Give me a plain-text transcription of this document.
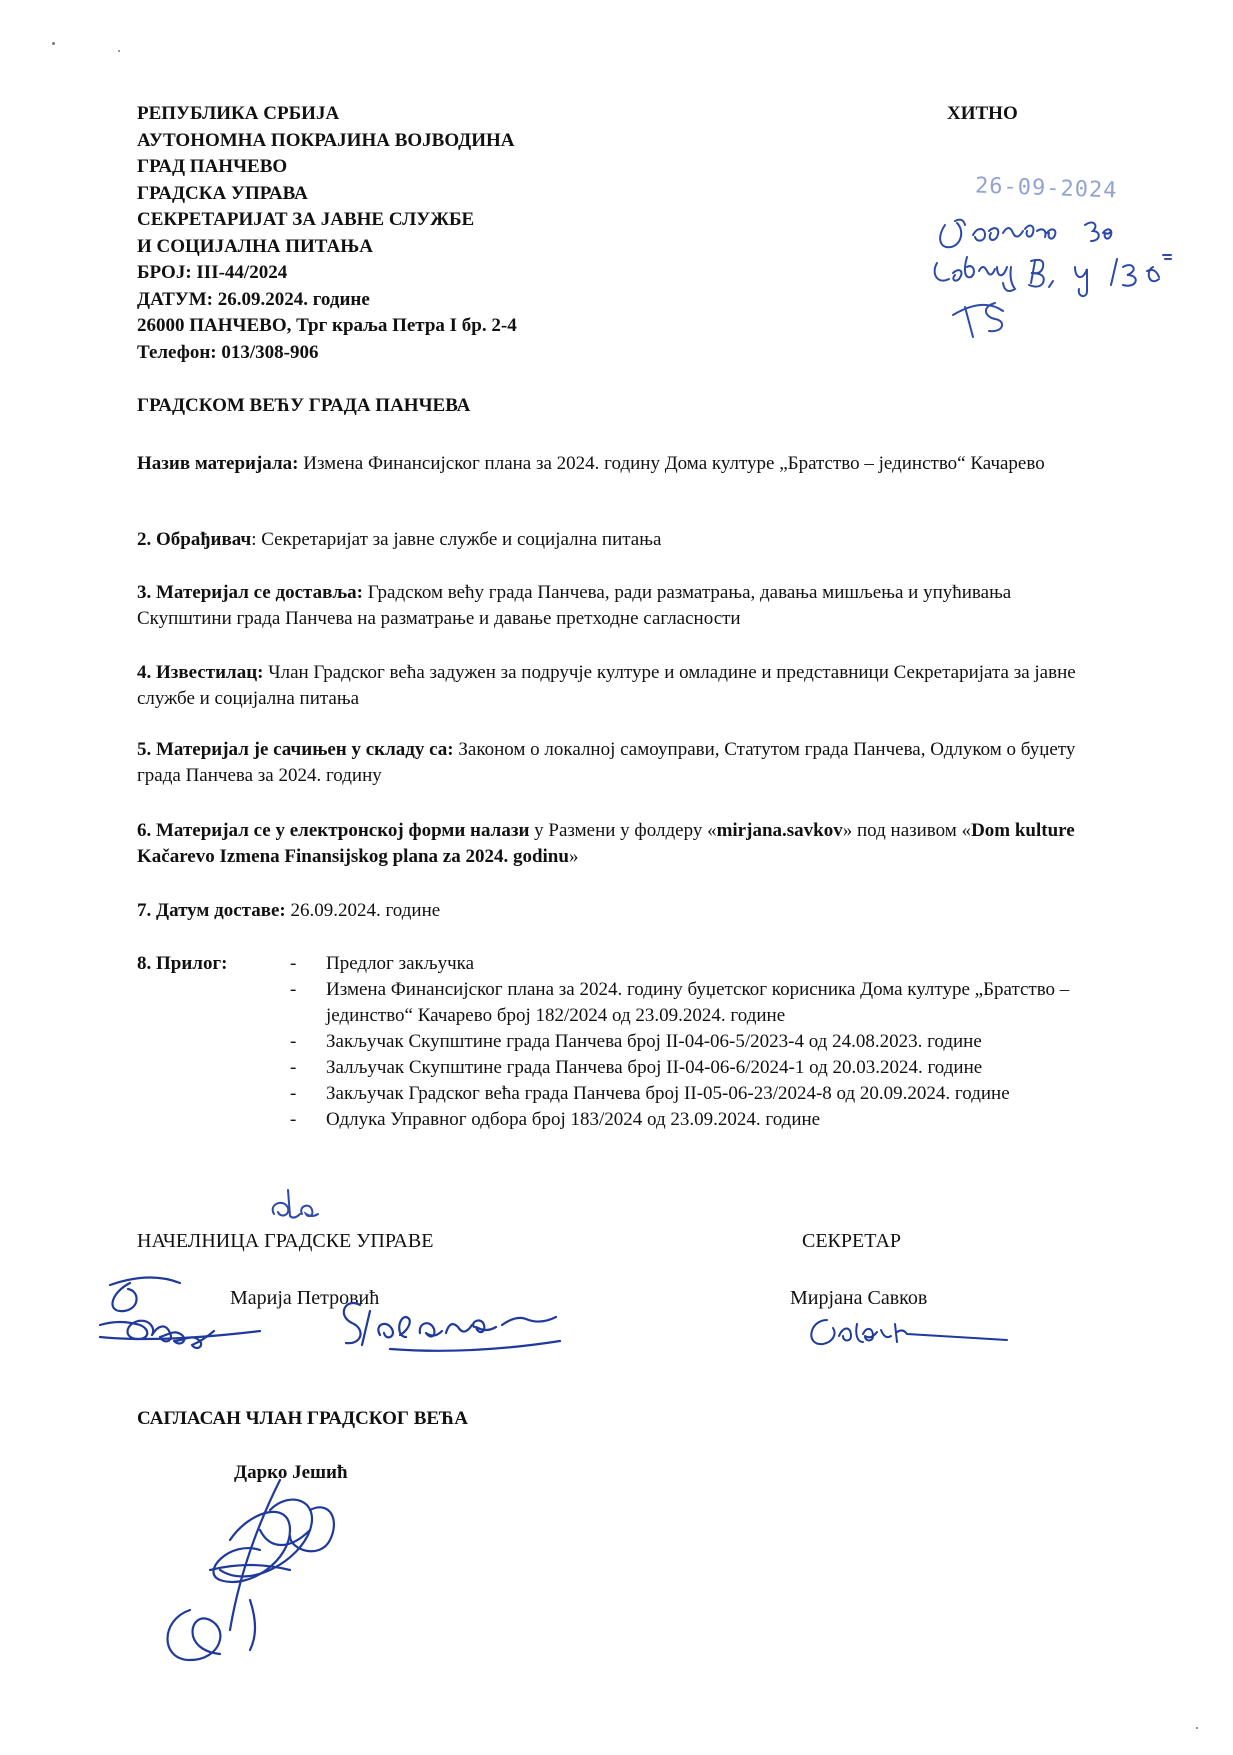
РЕПУБЛИКА СРБИЈА
АУТОНОМНА ПОКРАЈИНА ВОЈВОДИНА
ГРАД ПАНЧЕВО
ГРАДСКА УПРАВА
СЕКРЕТАРИЈАТ ЗА ЈАВНЕ СЛУЖБЕ
И СОЦИЈАЛНА ПИТАЊА
БРОЈ: III-44/2024
ДАТУМ: 26.09.2024. године
26000 ПАНЧЕВО, Трг краља Петра I бр. 2-4
Телефон: 013/308-906
ХИТНО
26-09-2024
ГРАДСКОМ ВЕЋУ ГРАДА ПАНЧЕВА
Назив материјала: Измена Финансијског плана за 2024. годину Дома културе „Братство – јединство“ Качарево
2. Обрађивач: Секретаријат за јавне службе и социјална питања
3. Материјал се доставља: Градском већу града Панчева, ради разматрања, давања мишљења и упућивања Скупштини града Панчева на разматрање и давање претходне сагласности
4. Известилац: Члан Градског већа задужен за подручје културе и омладине и представници Секретаријата за јавне службе и социјална питања
5. Материјал је сачињен у складу са: Законом о локалној самоуправи, Статутом града Панчева, Одлуком о буџету града Панчева за 2024. годину
6. Материјал се у електронској форми налази у Размени у фолдеру «mirjana.savkov» под називом «Dom kulture Kačarevo Izmena Finansijskog plana za 2024. godinu»
7. Датум доставе: 26.09.2024. године
8. Прилог:	- Предлог закључка
- Измена Финансијског плана за 2024. годину буџетског корисника Дома културе „Братство – јединство“ Качарево број 182/2024 од 23.09.2024. године
- Закључак Скупштине града Панчева број II-04-06-5/2023-4 од 24.08.2023. године
- Залључак Скупштине града Панчева број II-04-06-6/2024-1 од 20.03.2024. године
- Закључак Градског већа града Панчева број II-05-06-23/2024-8 од 20.09.2024. године
- Одлука Управног одбора број 183/2024 од 23.09.2024. године
НАЧЕЛНИЦА ГРАДСКЕ УПРАВЕ
Марија Петровић
СЕКРЕТАР
Мирјана Савков
САГЛАСАН ЧЛАН ГРАДСКОГ ВЕЋА
Дарко Јешић
